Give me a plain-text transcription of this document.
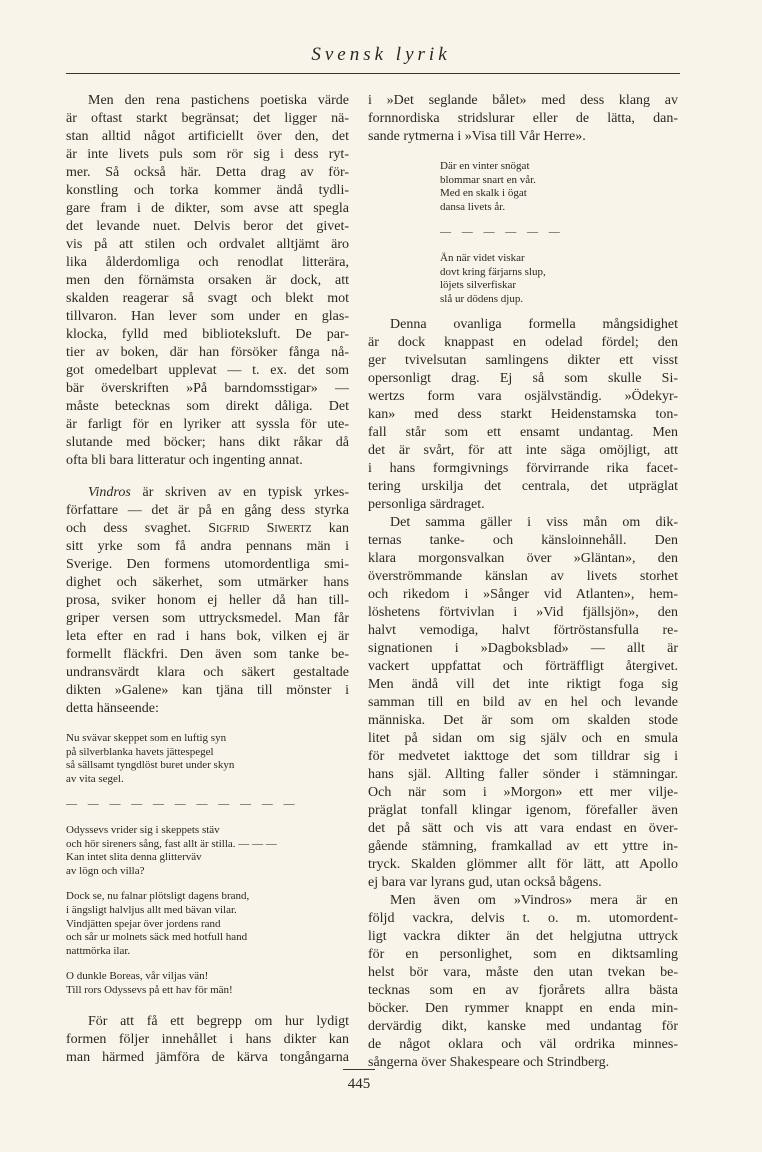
Svensk lyrik
Men den rena pastichens poetiska värde
är oftast starkt begränsat; det ligger nä-
stan alltid något artificiellt över den, det
är inte livets puls som rör sig i dess ryt-
mer. Så också här. Detta drag av för-
konstling och torka kommer ändå tydli-
gare fram i de dikter, som avse att spegla
det levande nuet. Delvis beror det givet-
vis på att stilen och ordvalet alltjämt äro
lika ålderdomliga och renodlat litterära,
men den förnämsta orsaken är dock, att
skalden reagerar så svagt och blekt mot
tillvaron. Han lever som under en glas-
klocka, fylld med biblioteksluft. De par-
tier av boken, där han försöker fånga nå-
got omedelbart upplevat — t. ex. det som
bär överskriften »På barndomsstigar» —
måste betecknas som direkt dåliga. Det
är farligt för en lyriker att syssla för ute-
slutande med böcker; hans dikt råkar då
ofta bli bara litteratur och ingenting annat.
Vindros är skriven av en typisk yrkes-
författare — det är på en gång dess styrka
och dess svaghet. Sigfrid Siwertz kan
sitt yrke som få andra pennans män i
Sverige. Den formens utomordentliga smi-
dighet och säkerhet, som utmärker hans
prosa, sviker honom ej heller då han till-
griper versen som uttrycksmedel. Man får
leta efter en rad i hans bok, vilken ej är
formellt fläckfri. Den även som tanke be-
undransvärdt klara och säkert gestaltade
dikten »Galene» kan tjäna till mönster i
detta hänseende:
Nu svävar skeppet som en luftig syn
på silverblanka havets jättespegel
så sällsamt tyngdlöst buret under skyn
av vita segel.
— — — — — — — — — — —
Odyssevs vrider sig i skeppets stäv
och hör sireners sång, fast allt är stilla. — — —
Kan intet slita denna glitterväv
av lögn och villa?
Dock se, nu falnar plötsligt dagens brand,
i ängsligt halvljus allt med bävan vilar.
Vindjätten spejar över jordens rand
och sår ur molnets säck med hotfull hand
nattmörka ilar.
O dunkle Boreas, vår viljas vän!
Till rors Odyssevs på ett hav för män!
För att få ett begrepp om hur lydigt
formen följer innehållet i hans dikter kan
man härmed jämföra de kärva tongångarna
i »Det seglande bålet» med dess klang av
fornnordiska stridslurar eller de lätta, dan-
sande rytmerna i »Visa till Vår Herre».
Där en vinter snögat
blommar snart en vår.
Med en skalk i ögat
dansa livets år.
— — — — — —
Än när videt viskar
dovt kring färjarns slup,
löjets silverfiskar
slå ur dödens djup.
Denna ovanliga formella mångsidighet
är dock knappast en odelad fördel; den
ger tvivelsutan samlingens dikter ett visst
opersonligt drag. Ej så som skulle Si-
wertzs form vara osjälvständig. »Ödekyr-
kan» med dess starkt Heidenstamska ton-
fall står som ett ensamt undantag. Men
det är svårt, för att inte säga omöjligt, att
i hans formgivnings förvirrande rika facet-
tering urskilja det centrala, det utpräglat
personliga särdraget.
Det samma gäller i viss mån om dik-
ternas tanke- och känsloinnehåll. Den
klara morgonsvalkan över »Gläntan», den
överströmmande känslan av livets storhet
och rikedom i »Sånger vid Atlanten», hem-
löshetens förtvivlan i »Vid fjällsjön», den
halvt vemodiga, halvt förtröstansfulla re-
signationen i »Dagboksblad» — allt är
vackert uppfattat och förträffligt återgivet.
Men ändå vill det inte riktigt foga sig
samman till en bild av en hel och levande
människa. Det är som om skalden stode
litet på sidan om sig själv och en smula
för medvetet iakttoge det som tilldrar sig i
hans själ. Allting faller sönder i stämningar.
Och när som i »Morgon» ett mer vilje-
präglat tonfall klingar igenom, förefaller även
det på sätt och vis att vara endast en över-
gående stämning, framkallad av ett yttre in-
tryck. Skalden glömmer allt för lätt, att Apollo
ej bara var lyrans gud, utan också bågens.
Men även om »Vindros» mera är en
följd vackra, delvis t. o. m. utomordent-
ligt vackra dikter än det helgjutna uttryck
för en personlighet, som en diktsamling
helst bör vara, måste den utan tvekan be-
tecknas som en av fjorårets allra bästa
böcker. Den rymmer knappt en enda min-
dervärdig dikt, kanske med undantag för
de något oklara och väl ordrika minnes-
sångerna över Shakespeare och Strindberg.
445
